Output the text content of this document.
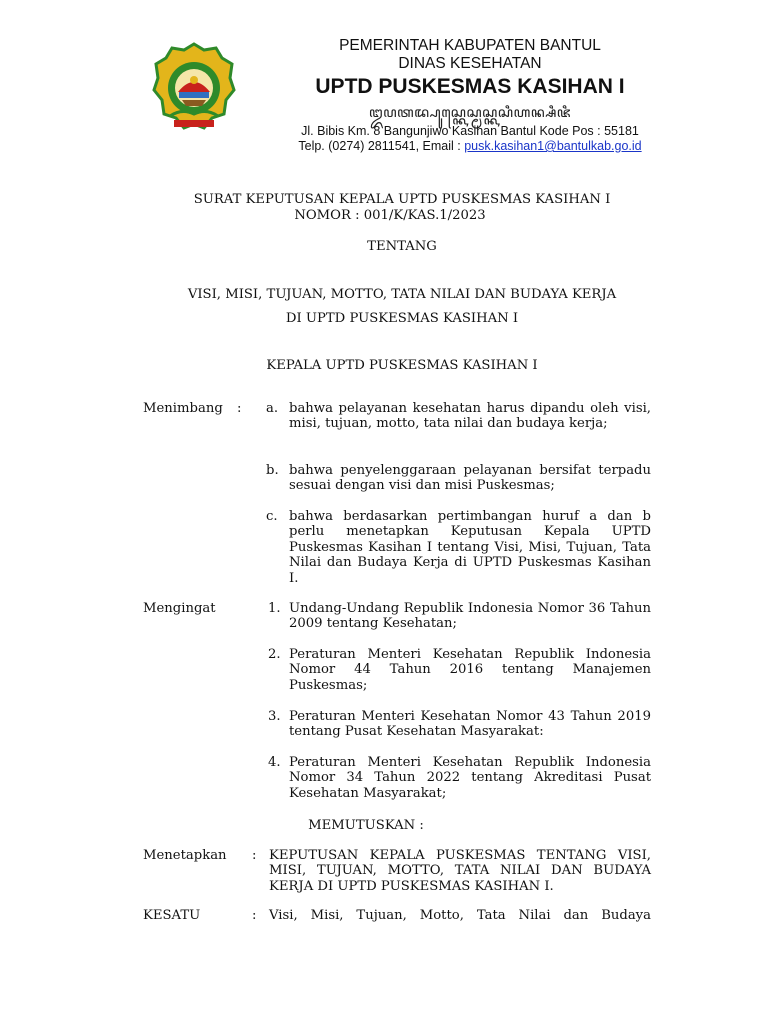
PEMERINTAH KABUPATEN BANTUL
DINAS KESEHATAN
UPTD PUSKESMAS KASIHAN I
ꦈꦥꦠꦢ꧀ꦥꦸꦱ꧀ꦏꦺꦱ꧀ꦩꦱ꧀ꦏꦱꦶꦲꦤ꧀ꦱꦶꦗꦶ
Jl. Bibis Km. 8 Bangunjiwo Kasihan Bantul Kode Pos : 55181
Telp. (0274) 2811541, Email : pusk.kasihan1@bantulkab.go.id
SURAT KEPUTUSAN KEPALA UPTD PUSKESMAS KASIHAN I
NOMOR : 001/K/KAS.1/2023
TENTANG
VISI, MISI, TUJUAN, MOTTO, TATA NILAI DAN BUDAYA KERJA
DI UPTD PUSKESMAS KASIHAN I
KEPALA UPTD PUSKESMAS KASIHAN I
Menimbang : a. bahwa pelayanan kesehatan harus dipandu oleh visi, misi, tujuan, motto, tata nilai dan budaya kerja;
b. bahwa penyelenggaraan pelayanan bersifat terpadu sesuai dengan visi dan misi Puskesmas;
c. bahwa berdasarkan pertimbangan huruf a dan b perlu menetapkan Keputusan Kepala UPTD Puskesmas Kasihan I tentang Visi, Misi, Tujuan, Tata Nilai dan Budaya Kerja di UPTD Puskesmas Kasihan I.
Mengingat	1. Undang-Undang Republik Indonesia Nomor 36 Tahun 2009 tentang Kesehatan;
2. Peraturan Menteri Kesehatan Republik Indonesia Nomor 44 Tahun 2016 tentang Manajemen Puskesmas;
3. Peraturan Menteri Kesehatan Nomor 43 Tahun 2019 tentang Pusat Kesehatan Masyarakat:
4. Peraturan Menteri Kesehatan Republik Indonesia Nomor 34 Tahun 2022 tentang Akreditasi Pusat Kesehatan Masyarakat;
MEMUTUSKAN :
Menetapkan : KEPUTUSAN KEPALA PUSKESMAS TENTANG VISI, MISI, TUJUAN, MOTTO, TATA NILAI DAN BUDAYA KERJA DI UPTD PUSKESMAS KASIHAN I.
KESATU	: Visi, Misi, Tujuan, Motto, Tata Nilai dan Budaya
